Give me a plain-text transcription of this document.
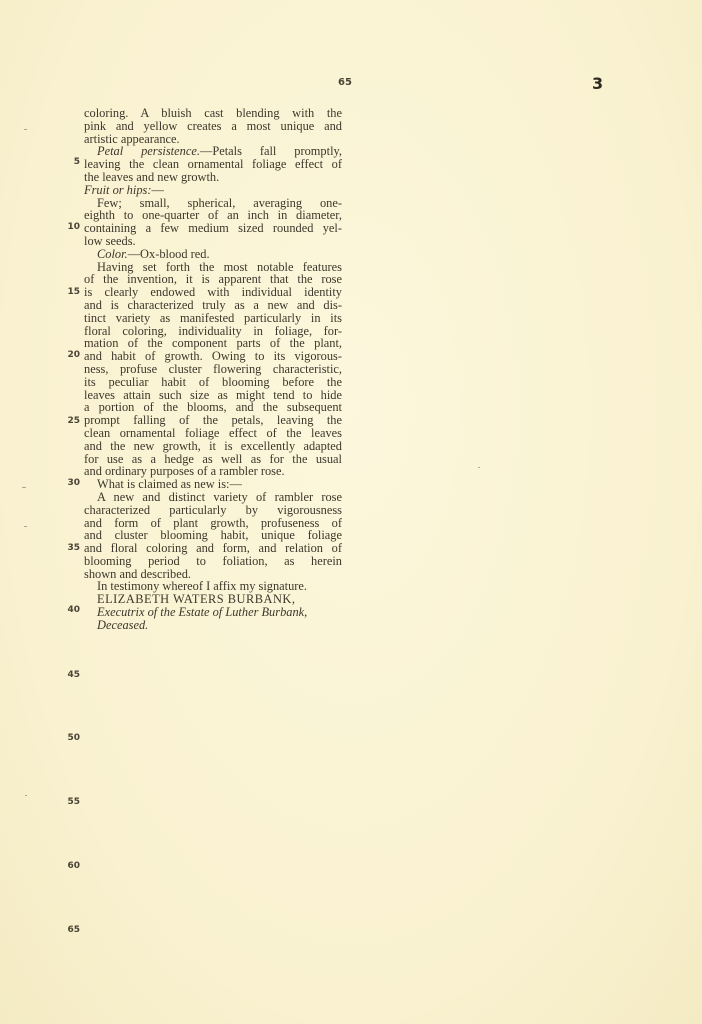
65	3
coloring. A bluish cast blending with the
pink and yellow creates a most unique and
artistic appearance.
Petal persistence.—Petals fall promptly,
leaving the clean ornamental foliage effect of
the leaves and new growth.
Fruit or hips:—
Few; small, spherical, averaging one-
eighth to one-quarter of an inch in diameter,
containing a few medium sized rounded yel-
low seeds.
Color.—Ox-blood red.
Having set forth the most notable features
of the invention, it is apparent that the rose
is clearly endowed with individual identity
and is characterized truly as a new and dis-
tinct variety as manifested particularly in its
floral coloring, individuality in foliage, for-
mation of the component parts of the plant,
and habit of growth. Owing to its vigorous-
ness, profuse cluster flowering characteristic,
its peculiar habit of blooming before the
leaves attain such size as might tend to hide
a portion of the blooms, and the subsequent
prompt falling of the petals, leaving the
clean ornamental foliage effect of the leaves
and the new growth, it is excellently adapted
for use as a hedge as well as for the usual
and ordinary purposes of a rambler rose.
What is claimed as new is:—
A new and distinct variety of rambler rose
characterized particularly by vigorousness
and form of plant growth, profuseness of
and cluster blooming habit, unique foliage
and floral coloring and form, and relation of
blooming period to foliation, as herein
shown and described.
In testimony whereof I affix my signature.
ELIZABETH WATERS BURBANK,
Executrix of the Estate of Luther Burbank,
Deceased.
5
10
15
20
25
30
35
40
45
50
55
60
65
